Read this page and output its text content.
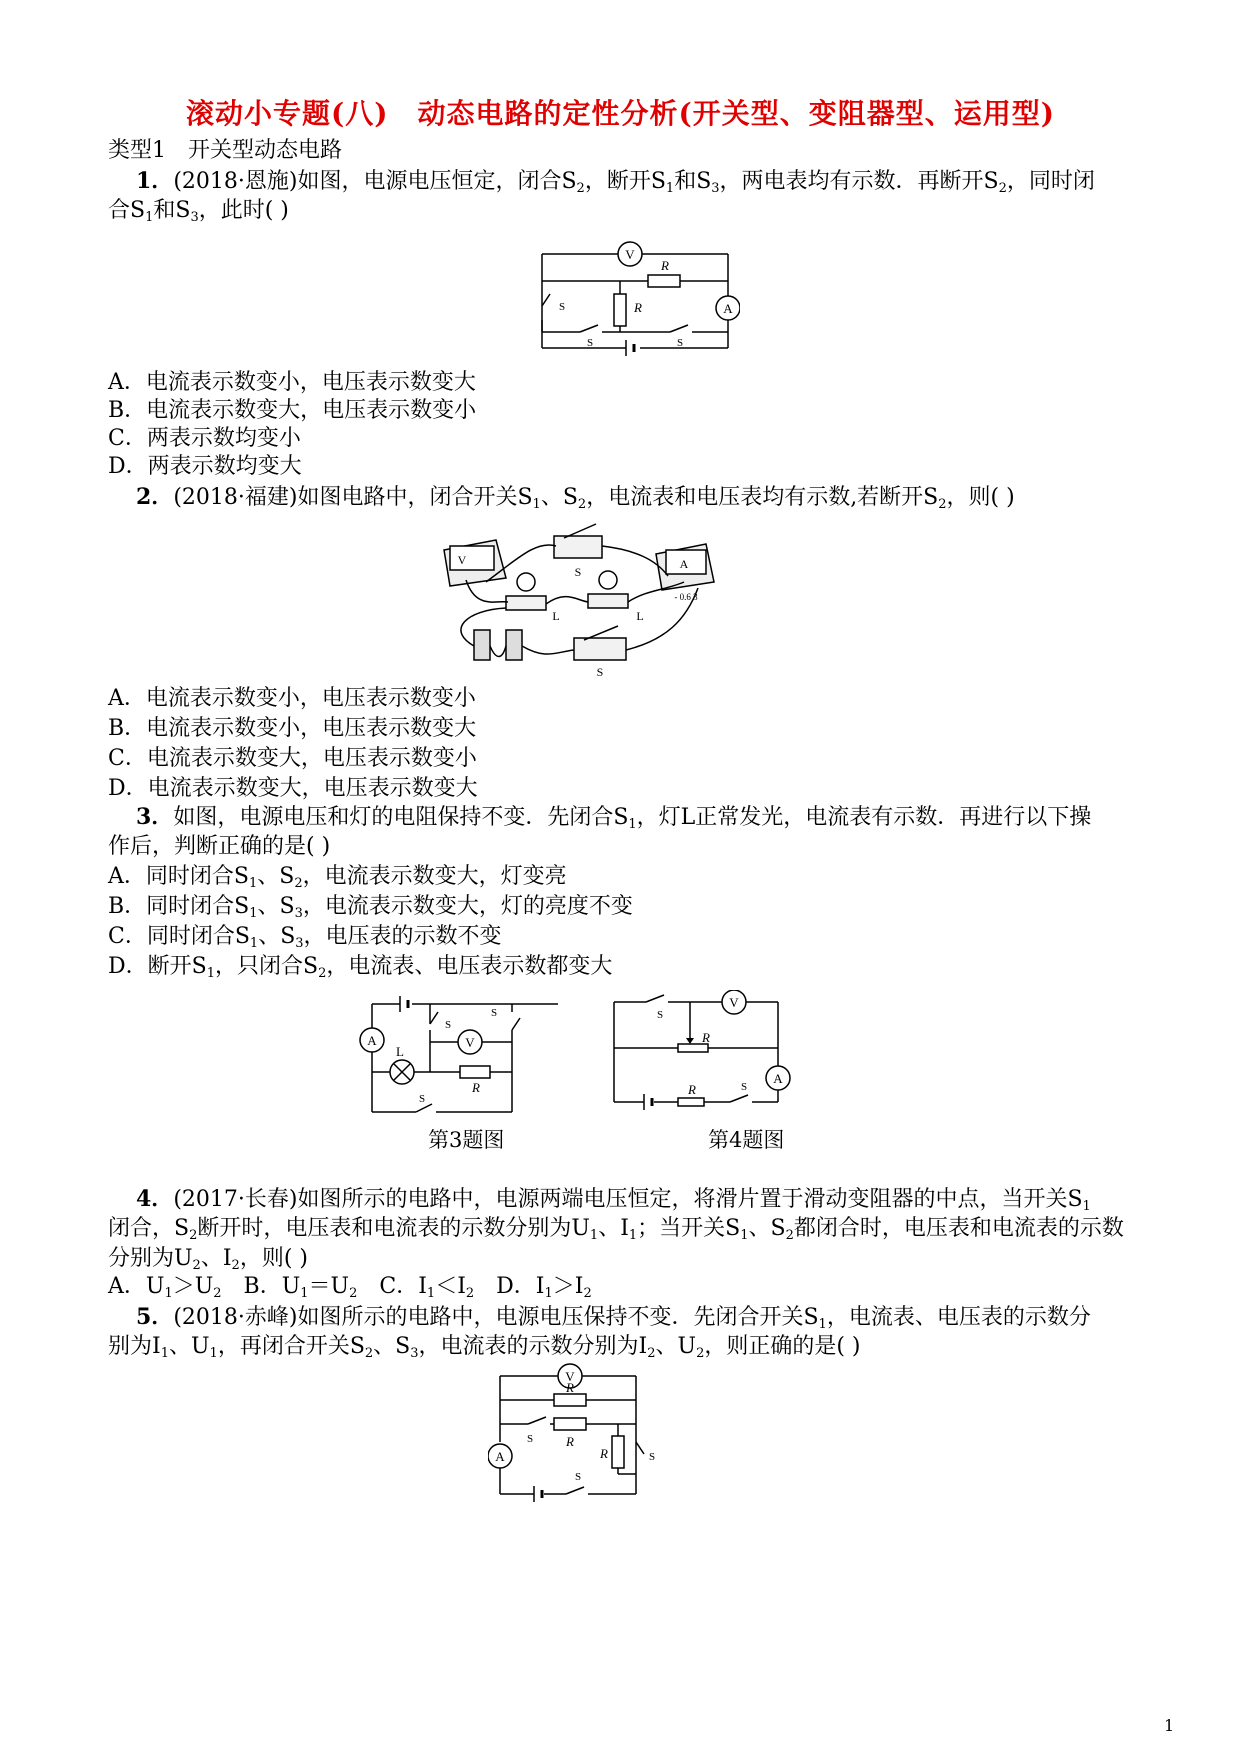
滚动小专题(八)　动态电路的定性分析(开关型、变阻器型、运用型)
类型1　开关型动态电路
1．(2018·恩施)如图，电源电压恒定，闭合$S_2$，断开$S_1$和$S_3$，两电表均有示数．再断开$S_2$，同时闭
合$S_1$和$S_3$，此时( )
V
A
R
R
S
S	S
A．电流表示数变小，电压表示数变大
B．电流表示数变大，电压表示数变小
C．两表示数均变小
D．两表示数均变大
2．(2018·福建)如图电路中，闭合开关$S_1$、$S_2$，电流表和电压表均有示数,若断开$S_2$，则( )
V	A
- 0.6 3
S
S
L	L
A．电流表示数变小，电压表示数变小
B．电流表示数变小，电压表示数变大
C．电流表示数变大，电压表示数变小
D．电流表示数变大，电压表示数变大
3．如图，电源电压和灯的电阻保持不变．先闭合$S_1$，灯L正常发光，电流表有示数．再进行以下操
作后，判断正确的是( )
A．同时闭合$S_1$、$S_2$，电流表示数变大，灯变亮
B．同时闭合$S_1$、$S_3$，电流表示数变大，灯的亮度不变
C．同时闭合$S_1$、$S_3$，电压表的示数不变
D．断开$S_1$，只闭合$S_2$，电流表、电压表示数都变大
A	V
L
R
S
S
S
V
A
R
R
S
S
第3题图	第4题图
4．(2017·长春)如图所示的电路中，电源两端电压恒定，将滑片置于滑动变阻器的中点，当开关$S_1$
闭合，$S_2$断开时，电压表和电流表的示数分别为$U_1$、$I_1$；当开关$S_1$、$S_2$都闭合时，电压表和电流表的示数
分别为$U_2$、$I_2$，则( )
A．$U_1>U_2$　B．$U_1=U_2$　C．$I_1<I_2$　D．$I_1>I_2$
5．(2018·赤峰)如图所示的电路中，电源电压保持不变．先闭合开关$S_1$，电流表、电压表的示数分
别为$I_1$、$U_1$，再闭合开关$S_2$、$S_3$，电流表的示数分别为$I_2$、$U_2$，则正确的是( )
V
A
R
R
R
S
S
S
1
